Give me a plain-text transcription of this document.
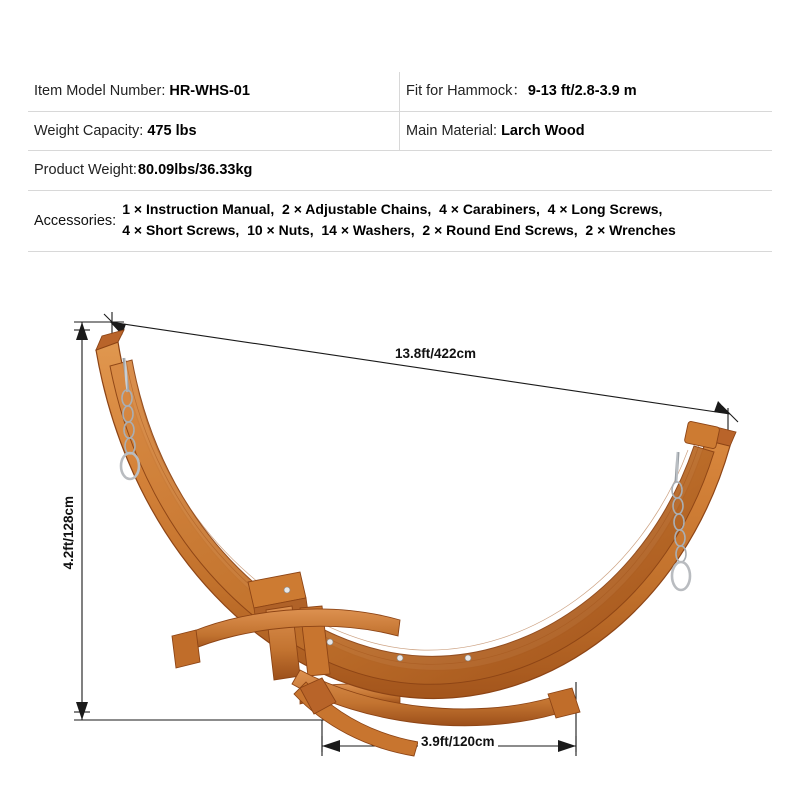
Item Model Number: HR-WHS-01	Fit for Hammock： 9-13 ft/2.8-3.9 m
Weight Capacity: 475 lbs	Main Material: Larch Wood
Product Weight: 80.09lbs/36.33kg
Accessories:
1 × Instruction Manual,  2 × Adjustable Chains,  4 × Carabiners,  4 × Long Screws,
4 × Short Screws,  10 × Nuts,  14 × Washers,  2 × Round End Screws,  2 × Wrenches
13.8ft/422cm
4.2ft/128cm
3.9ft/120cm
